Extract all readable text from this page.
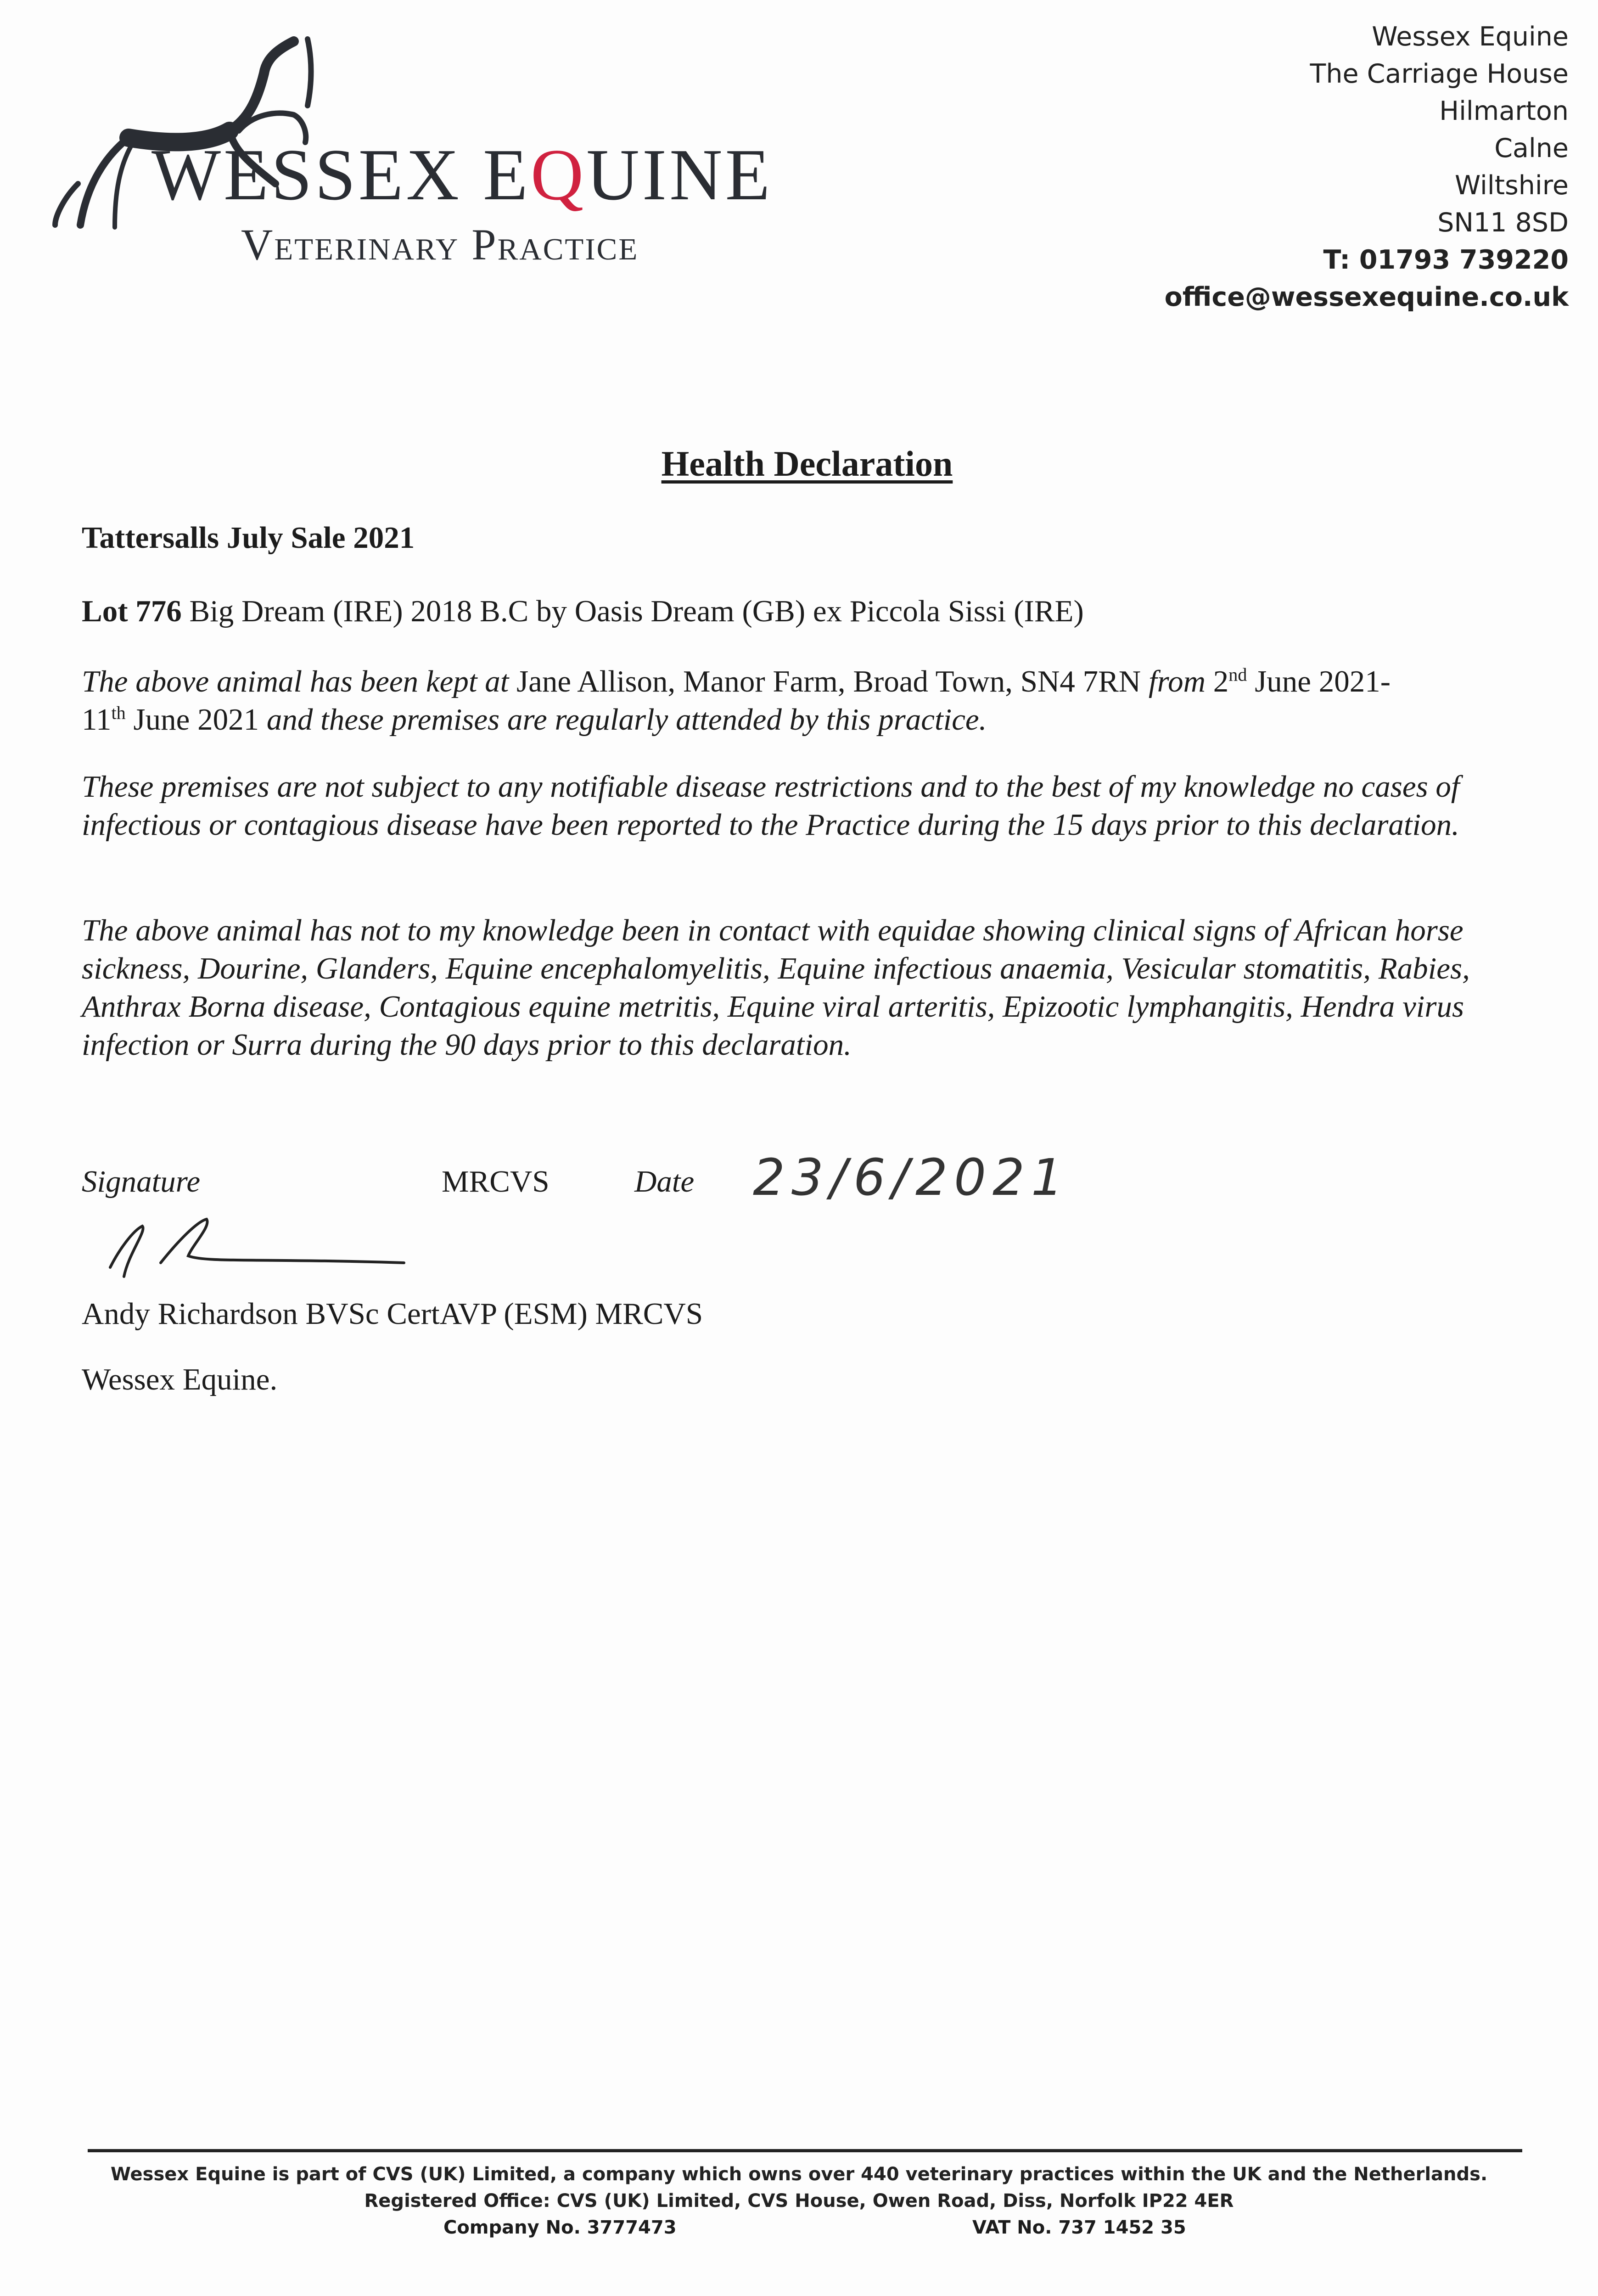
WESSEX EQUINE
Veterinary Practice
Wessex Equine
The Carriage House
Hilmarton
Calne
Wiltshire
SN11 8SD
T: 01793 739220
office@wessexequine.co.uk
Health Declaration
Tattersalls July Sale 2021
Lot 776 Big Dream (IRE) 2018 B.C by Oasis Dream (GB) ex Piccola Sissi (IRE)
The above animal has been kept at Jane Allison, Manor Farm, Broad Town, SN4 7RN from 2nd June 2021-
11th June 2021 and these premises are regularly attended by this practice.
These premises are not subject to any notifiable disease restrictions and to the best of my knowledge no cases of infectious or contagious disease have been reported to the Practice during the 15 days prior to this declaration.
The above animal has not to my knowledge been in contact with equidae showing clinical signs of African horse sickness, Dourine, Glanders, Equine encephalomyelitis, Equine infectious anaemia, Vesicular stomatitis, Rabies, Anthrax Borna disease, Contagious equine metritis, Equine viral arteritis, Epizootic lymphangitis, Hendra virus infection or Surra during the 90 days prior to this declaration.
Signature	MRCVS	Date 23/6/2021
Andy Richardson BVSc CertAVP (ESM) MRCVS
Wessex Equine.
Wessex Equine is part of CVS (UK) Limited, a company which owns over 440 veterinary practices within the UK and the Netherlands.
Registered Office: CVS (UK) Limited, CVS House, Owen Road, Diss, Norfolk IP22 4ER
Company No. 3777473	VAT No. 737 1452 35
